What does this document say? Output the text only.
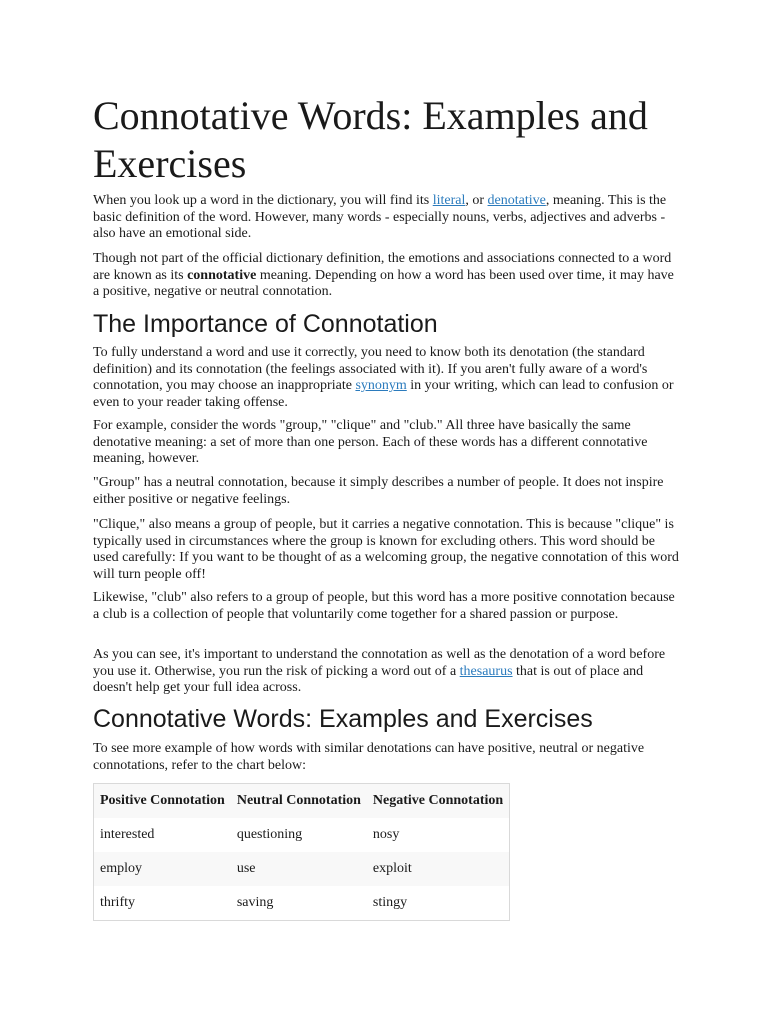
Connotative Words: Examples and Exercises

When you look up a word in the dictionary, you will find its literal, or denotative, meaning. This is the basic definition of the word. However, many words - especially nouns, verbs, adjectives and adverbs - also have an emotional side.

Though not part of the official dictionary definition, the emotions and associations connected to a word are known as its connotative meaning. Depending on how a word has been used over time, it may have a positive, negative or neutral connotation.

The Importance of Connotation

To fully understand a word and use it correctly, you need to know both its denotation (the standard definition) and its connotation (the feelings associated with it). If you aren't fully aware of a word's connotation, you may choose an inappropriate synonym in your writing, which can lead to confusion or even to your reader taking offense.

For example, consider the words "group," "clique" and "club." All three have basically the same denotative meaning: a set of more than one person. Each of these words has a different connotative meaning, however.

"Group" has a neutral connotation, because it simply describes a number of people. It does not inspire either positive or negative feelings.

"Clique," also means a group of people, but it carries a negative connotation. This is because "clique" is typically used in circumstances where the group is known for excluding others. This word should be used carefully: If you want to be thought of as a welcoming group, the negative connotation of this word will turn people off!

Likewise, "club" also refers to a group of people, but this word has a more positive connotation because a club is a collection of people that voluntarily come together for a shared passion or purpose.

As you can see, it's important to understand the connotation as well as the denotation of a word before you use it. Otherwise, you run the risk of picking a word out of a thesaurus that is out of place and doesn't help get your full idea across.

Connotative Words: Examples and Exercises

To see more example of how words with similar denotations can have positive, neutral or negative connotations, refer to the chart below:

Positive Connotation	Neutral Connotation	Negative Connotation
interested	questioning	nosy
employ	use	exploit
thrifty	saving	stingy
